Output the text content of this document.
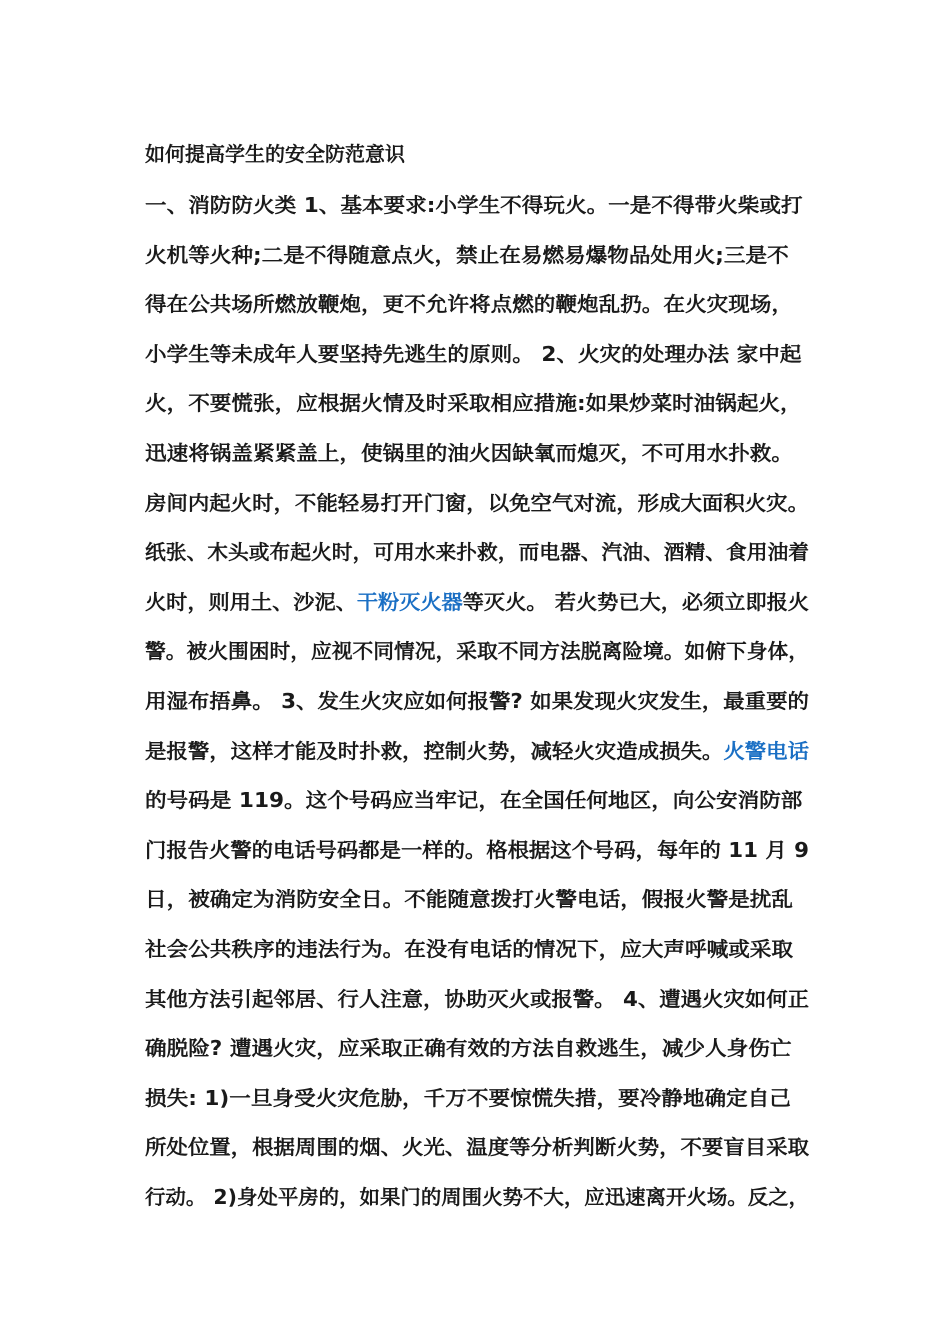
如何提高学生的安全防范意识
一、消防防火类 1、基本要求:小学生不得玩火。一是不得带火柴或打
火机等火种;二是不得随意点火，禁止在易燃易爆物品处用火;三是不
得在公共场所燃放鞭炮，更不允许将点燃的鞭炮乱扔。在火灾现场，
小学生等未成年人要坚持先逃生的原则。 2、火灾的处理办法 家中起
火，不要慌张，应根据火情及时采取相应措施:如果炒菜时油锅起火，
迅速将锅盖紧紧盖上，使锅里的油火因缺氧而熄灭，不可用水扑救。
房间内起火时，不能轻易打开门窗，以免空气对流，形成大面积火灾。
纸张、木头或布起火时，可用水来扑救，而电器、汽油、酒精、食用油着
火时，则用土、沙泥、干粉灭火器等灭火。 若火势已大，必须立即报火
警。被火围困时，应视不同情况，采取不同方法脱离险境。如俯下身体，
用湿布捂鼻。 3、发生火灾应如何报警? 如果发现火灾发生，最重要的
是报警，这样才能及时扑救，控制火势，减轻火灾造成损失。火警电话
的号码是 119。这个号码应当牢记，在全国任何地区，向公安消防部
门报告火警的电话号码都是一样的。格根据这个号码，每年的 11 月 9
日，被确定为消防安全日。不能随意拨打火警电话，假报火警是扰乱
社会公共秩序的违法行为。在没有电话的情况下，应大声呼喊或采取
其他方法引起邻居、行人注意，协助灭火或报警。 4、遭遇火灾如何正
确脱险? 遭遇火灾，应采取正确有效的方法自救逃生，减少人身伤亡
损失: 1)一旦身受火灾危胁，千万不要惊慌失措，要冷静地确定自己
所处位置，根据周围的烟、火光、温度等分析判断火势，不要盲目采取
行动。 2)身处平房的，如果门的周围火势不大，应迅速离开火场。反之，
